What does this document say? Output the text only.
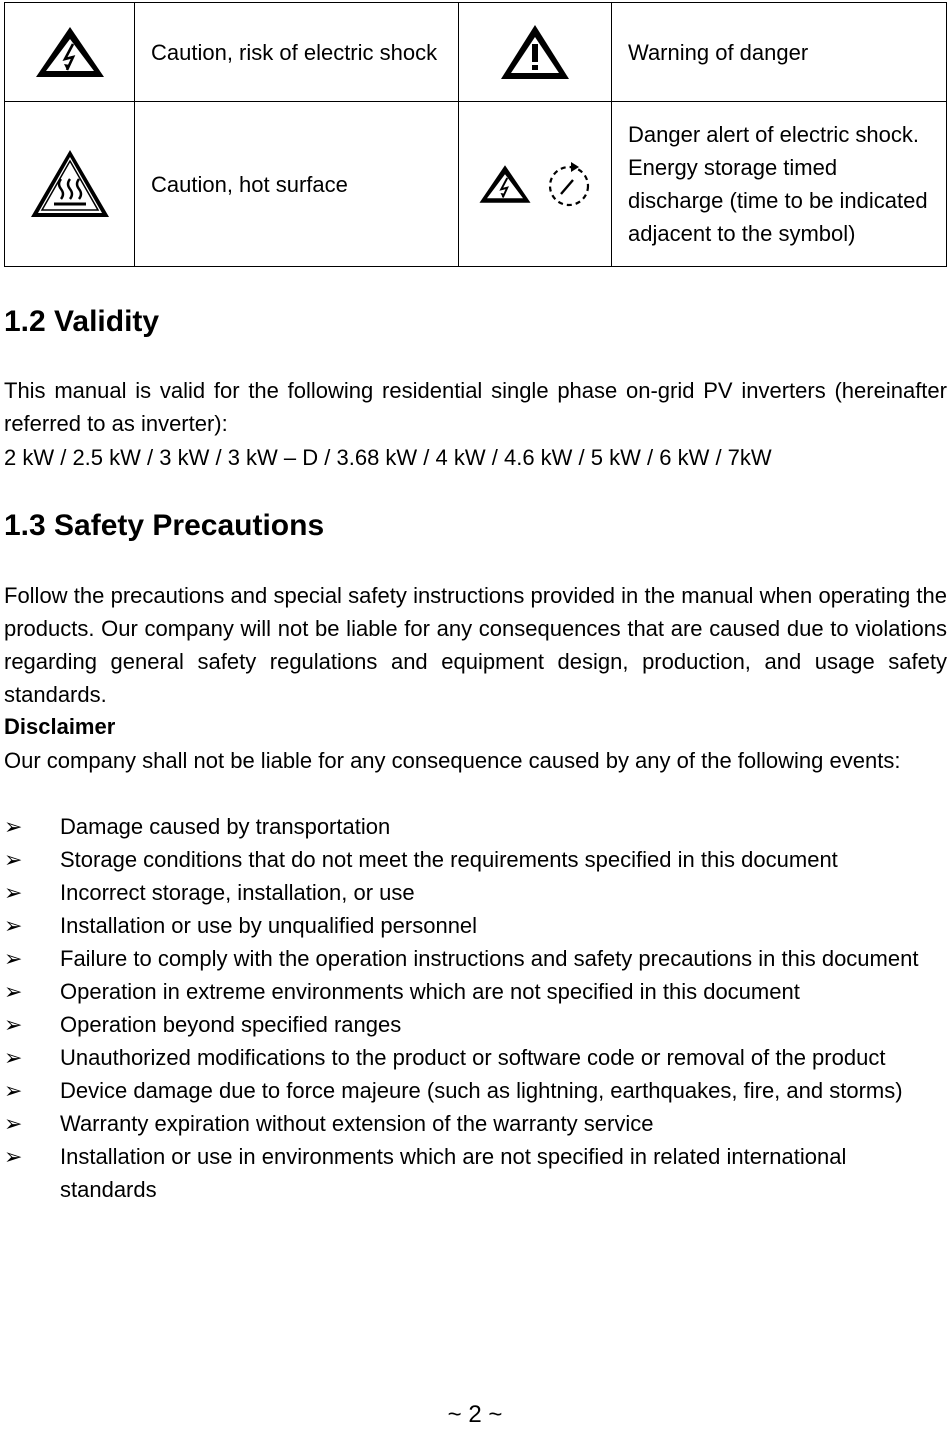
	Caution, risk of electric shock		Warning of danger

	Caution, hot surface		Danger alert of electric shock. Energy storage timed discharge (time to be indicated adjacent to the symbol)
1.2 Validity

This manual is valid for the following residential single phase on-grid PV inverters (hereinafter referred to as inverter):

2 kW / 2.5 kW / 3 kW / 3 kW – D / 3.68 kW / 4 kW / 4.6 kW / 5 kW / 6 kW / 7kW

1.3 Safety Precautions

Follow the precautions and special safety instructions provided in the manual when operating the products. Our company will not be liable for any consequences that are caused due to violations regarding general safety regulations and equipment design, production, and usage safety standards.

Disclaimer

Our company shall not be liable for any consequence caused by any of the following events:

➢ Damage caused by transportation
➢ Storage conditions that do not meet the requirements specified in this document
➢ Incorrect storage, installation, or use
➢ Installation or use by unqualified personnel
➢ Failure to comply with the operation instructions and safety precautions in this document
➢ Operation in extreme environments which are not specified in this document
➢ Operation beyond specified ranges
➢ Unauthorized modifications to the product or software code or removal of the product
➢ Device damage due to force majeure (such as lightning, earthquakes, fire, and storms)
➢ Warranty expiration without extension of the warranty service
➢ Installation or use in environments which are not specified in related international standards
~ 2 ~
